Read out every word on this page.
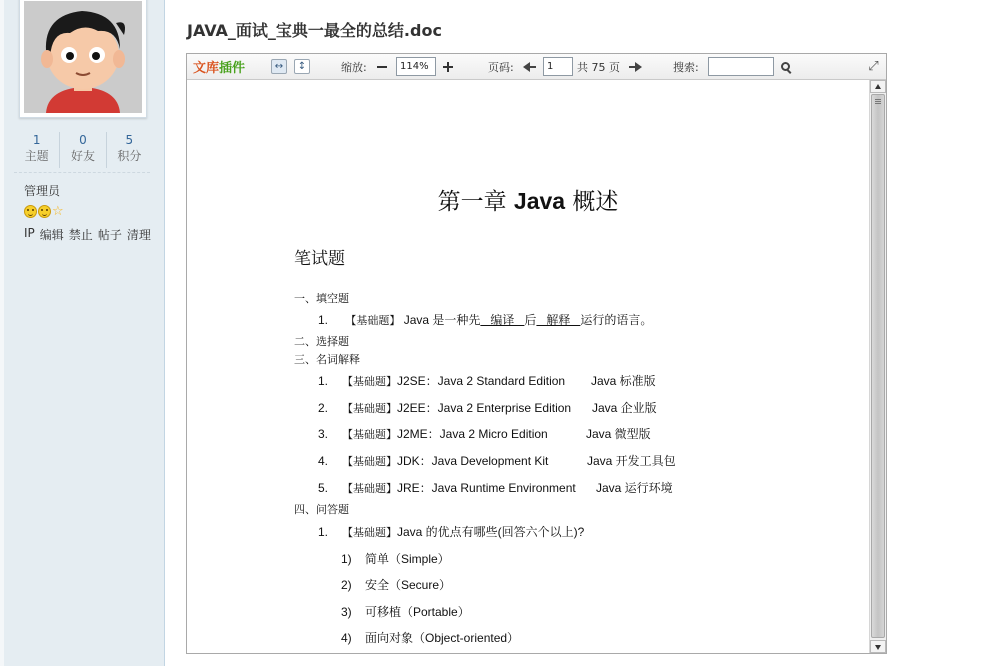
1
主题
0
好友
5
积分
管理员
☆
IP 编辑 禁止 帖子 清理
JAVA_面试_宝典一最全的总结.doc
文库 插件	↔	↕	缩放:
114%	页码:
1	共 75 页	搜索:	⤢
第一章 Java 概述
笔试题
一、填空题
1. 【基础题】 Java 是一种先   编译   后   解释   运行的语言。
二、选择题
三、名词解释
1. 【基础题】J2SE：Java 2 Standard Edition Java 标准版
2. 【基础题】J2EE：Java 2 Enterprise Edition Java 企业版
3. 【基础题】J2ME：Java 2 Micro Edition	Java 微型版
4. 【基础题】JDK：Java Development Kit	Java 开发工具包
5. 【基础题】JRE：Java Runtime Environment Java 运行环境
四、问答题
1. 【基础题】Java 的优点有哪些(回答六个以上)?
1) 简单（Simple）
2) 安全（Secure）
3) 可移植（Portable）
4) 面向对象（Object-oriented）
